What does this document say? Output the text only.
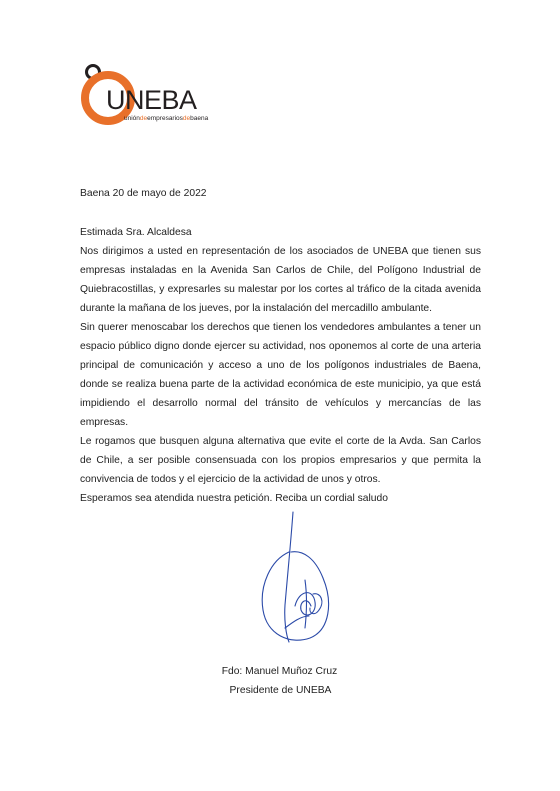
UNEBA
unióndeempresariosdebaena
Baena 20 de mayo de 2022

Estimada Sra. Alcaldesa

Nos dirigimos a usted en representación de los asociados de UNEBA que tienen sus empresas instaladas en la Avenida San Carlos de Chile, del Polígono Industrial de Quiebracostillas, y expresarles su malestar por los cortes al tráfico de la citada avenida durante la mañana de los jueves, por la instalación del mercadillo ambulante.

Sin querer menoscabar los derechos que tienen los vendedores ambulantes a tener un espacio público digno donde ejercer su actividad, nos oponemos al corte de una arteria principal de comunicación y acceso a uno de los polígonos industriales de Baena, donde se realiza buena parte de la actividad económica de este municipio, ya que está impidiendo el desarrollo normal del tránsito de vehículos y mercancías de las empresas.

Le rogamos que busquen alguna alternativa que evite el corte de la Avda. San Carlos de Chile, a ser posible consensuada con los propios empresarios y que permita la convivencia de todos y el ejercicio de la actividad de unos y otros.

Esperamos sea atendida nuestra petición. Reciba un cordial saludo

Fdo: Manuel Muñoz Cruz
Presidente de UNEBA
